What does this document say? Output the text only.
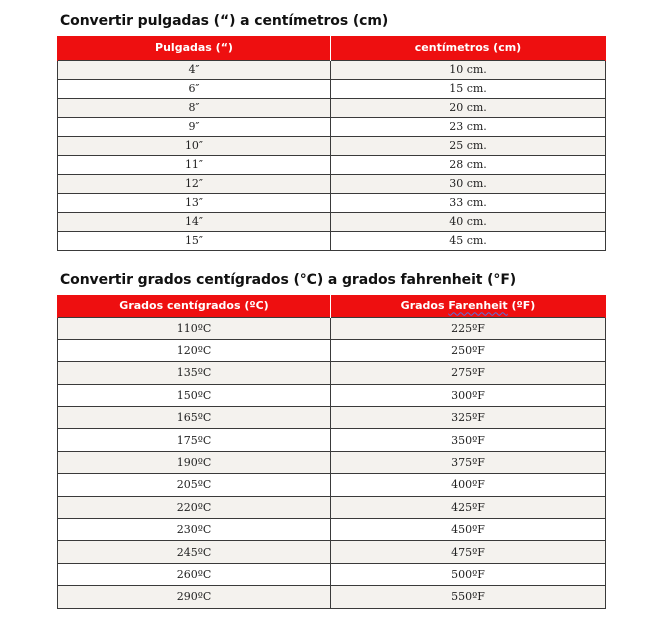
Convertir pulgadas (“) a centímetros (cm)
Pulgadas (“)	centímetros (cm)
4″	10 cm.
6″	15 cm.
8″	20 cm.
9″	23 cm.
10″	25 cm.
11″	28 cm.
12″	30 cm.
13″	33 cm.
14″	40 cm.
15″	45 cm.
Convertir grados centígrados (°C) a grados fahrenheit (°F)
Grados centígrados (ºC)	Grados Farenheit (ºF)
110ºC	225ºF
120ºC	250ºF
135ºC	275ºF
150ºC	300ºF
165ºC	325ºF
175ºC	350ºF
190ºC	375ºF
205ºC	400ºF
220ºC	425ºF
230ºC	450ºF
245ºC	475ºF
260ºC	500ºF
290ºC	550ºF
